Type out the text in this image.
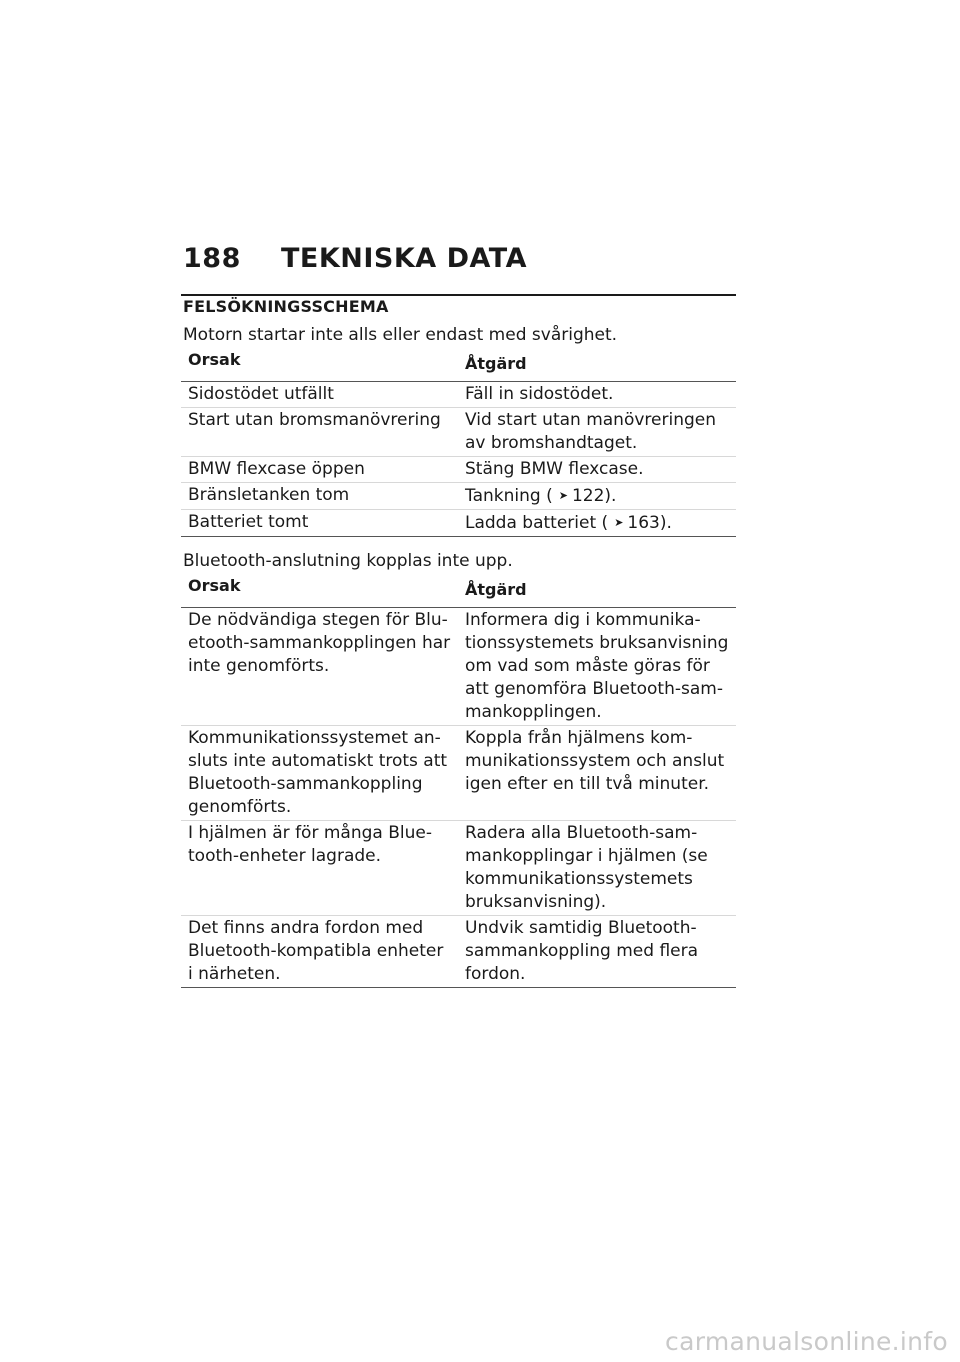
188	TEKNISKA DATA
FELSÖKNINGSSCHEMA
Motorn startar inte alls eller endast med svårighet.
Orsak	Åtgärd
Sidostödet utfällt	Fäll in sidostödet.
Start utan bromsmanövrering	Vid start utan manövreringen av bromshandtaget.
BMW flexcase öppen	Stäng BMW flexcase.
Bränsletanken tom	Tankning ( ➤ 122).
Batteriet tomt	Ladda batteriet ( ➤ 163).
Bluetooth-anslutning kopplas inte upp.
Orsak	Åtgärd
De nödvändiga stegen för Blu-etooth-sammankopplingen har inte genomförts.	Informera dig i kommunika-tionssystemets bruksanvisning om vad som måste göras för att genomföra Bluetooth-sam-mankopplingen.
Kommunikationssystemet an-sluts inte automatiskt trots att Bluetooth-sammankoppling genomförts.	Koppla från hjälmens kom-munikationssystem och anslut igen efter en till två minuter.
I hjälmen är för många Blue-tooth-enheter lagrade.	Radera alla Bluetooth-sam-mankopplingar i hjälmen (se kommunikationssystemets bruksanvisning).
Det finns andra fordon med Bluetooth-kompatibla enheter i närheten.	Undvik samtidig Bluetooth-sammankoppling med flera fordon.
carmanualsonline.info
